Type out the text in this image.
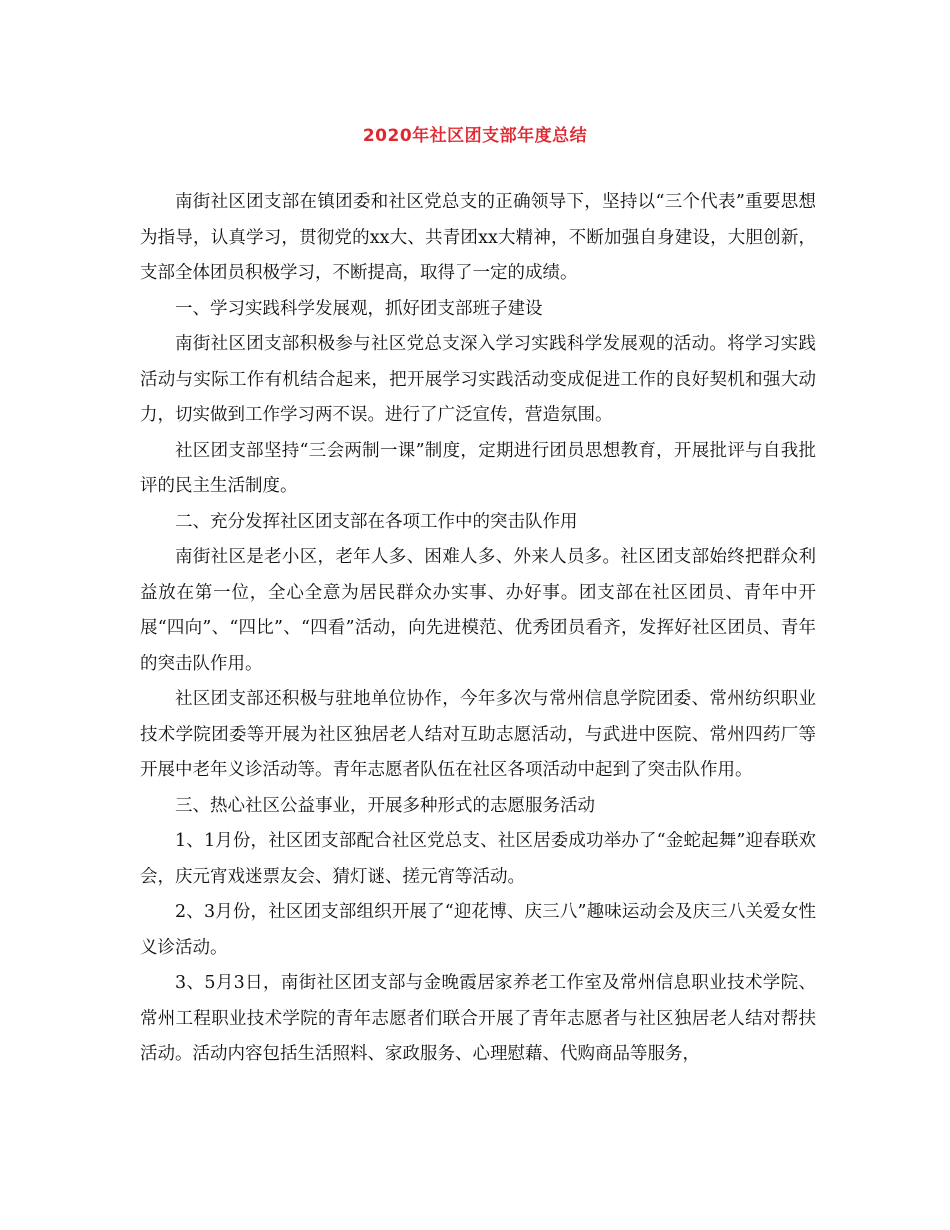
2020年社区团支部年度总结

南街社区团支部在镇团委和社区党总支的正确领导下，坚持以“三个代表”重要思想为指导，认真学习，贯彻党的xx大、共青团xx大精神，不断加强自身建设，大胆创新，支部全体团员积极学习，不断提高，取得了一定的成绩。

一、学习实践科学发展观，抓好团支部班子建设

南街社区团支部积极参与社区党总支深入学习实践科学发展观的活动。将学习实践活动与实际工作有机结合起来，把开展学习实践活动变成促进工作的良好契机和强大动力，切实做到工作学习两不误。进行了广泛宣传，营造氛围。

社区团支部坚持“三会两制一课”制度，定期进行团员思想教育，开展批评与自我批评的民主生活制度。

二、充分发挥社区团支部在各项工作中的突击队作用

南街社区是老小区，老年人多、困难人多、外来人员多。社区团支部始终把群众利益放在第一位，全心全意为居民群众办实事、办好事。团支部在社区团员、青年中开展“四向”、“四比”、“四看”活动，向先进模范、优秀团员看齐，发挥好社区团员、青年的突击队作用。

社区团支部还积极与驻地单位协作，今年多次与常州信息学院团委、常州纺织职业技术学院团委等开展为社区独居老人结对互助志愿活动，与武进中医院、常州四药厂等开展中老年义诊活动等。青年志愿者队伍在社区各项活动中起到了突击队作用。

三、热心社区公益事业，开展多种形式的志愿服务活动

1、1月份，社区团支部配合社区党总支、社区居委成功举办了“金蛇起舞”迎春联欢会，庆元宵戏迷票友会、猜灯谜、搓元宵等活动。

2、3月份，社区团支部组织开展了“迎花博、庆三八”趣味运动会及庆三八关爱女性义诊活动。

3、5月3日，南街社区团支部与金晚霞居家养老工作室及常州信息职业技术学院、常州工程职业技术学院的青年志愿者们联合开展了青年志愿者与社区独居老人结对帮扶活动。活动内容包括生活照料、家政服务、心理慰藉、代购商品等服务，
